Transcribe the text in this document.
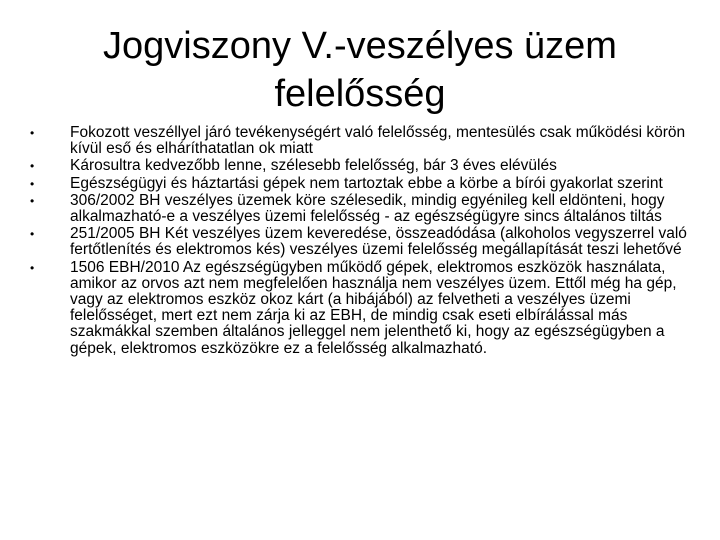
Jogviszony V.-veszélyes üzem felelősség
•	Fokozott veszéllyel járó tevékenységért való felelősség, mentesülés csak működési körön kívül eső és elháríthatatlan ok miatt
•	Károsultra kedvezőbb lenne, szélesebb felelősség, bár 3 éves elévülés
•	Egészségügyi és háztartási gépek nem tartoztak ebbe a körbe a bírói gyakorlat szerint
•	306/2002 BH veszélyes üzemek köre szélesedik, mindig egyénileg kell eldönteni, hogy alkalmazható-e a veszélyes üzemi felelősség - az egészségügyre sincs általános tiltás
•	251/2005 BH Két veszélyes üzem keveredése, összeadódása (alkoholos vegyszerrel való fertőtlenítés és elektromos kés) veszélyes üzemi felelősség megállapítását teszi lehetővé
•	1506 EBH/2010 Az egészségügyben működő gépek, elektromos eszközök használata, amikor az orvos azt nem megfelelően használja nem veszélyes üzem. Ettől még ha gép, vagy az elektromos eszköz okoz kárt (a hibájából) az felvetheti a veszélyes üzemi felelősséget, mert ezt nem zárja ki az EBH, de mindig csak eseti elbírálással más szakmákkal szemben általános jelleggel nem jelenthető ki, hogy az egészségügyben a gépek, elektromos eszközökre ez a felelősség alkalmazható.
